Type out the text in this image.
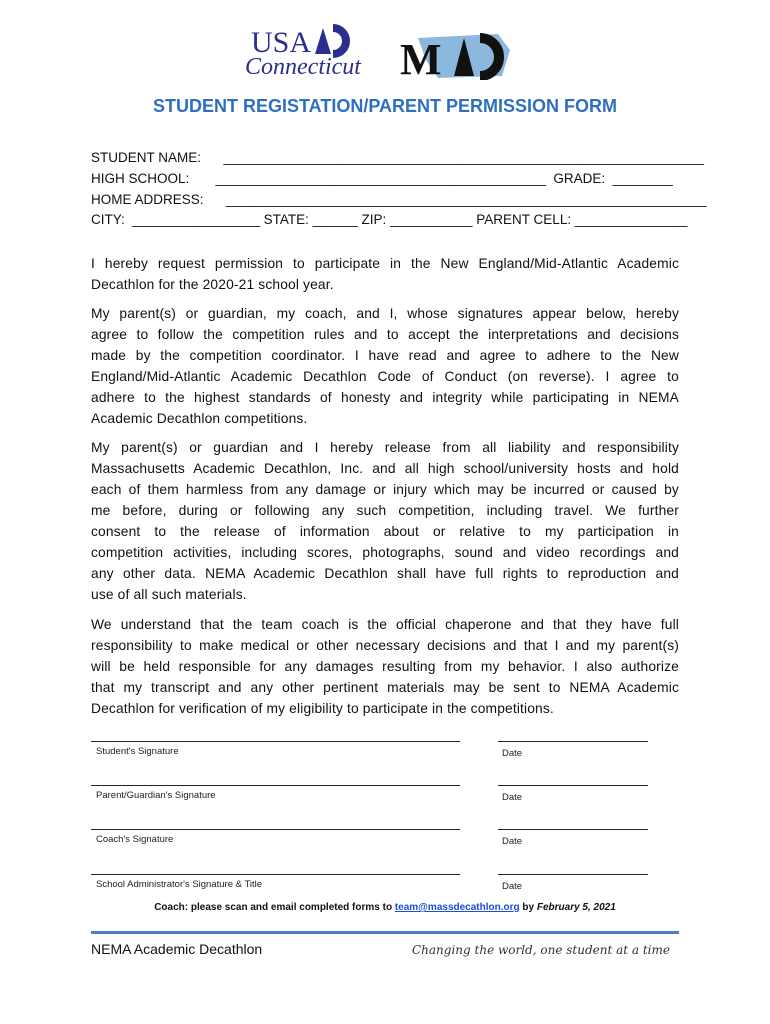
USA
Connecticut M
STUDENT REGISTATION/PARENT PERMISSION FORM
STUDENT NAME:      ________________________________________________________________
HIGH SCHOOL:       ____________________________________________  GRADE:  ________
HOME ADDRESS:      ________________________________________________________________
CITY:  _________________ STATE: ______ ZIP: ___________ PARENT CELL: _______________
I hereby request permission to participate in the New England/Mid-Atlantic Academic
Decathlon for the 2020-21 school year.
My parent(s) or guardian, my coach, and I, whose signatures appear below, hereby
agree to follow the competition rules and to accept the interpretations and decisions
made by the competition coordinator. I have read and agree to adhere to the New
England/Mid-Atlantic Academic Decathlon Code of Conduct (on reverse). I agree to
adhere to the highest standards of honesty and integrity while participating in NEMA
Academic Decathlon competitions.
My parent(s) or guardian and I hereby release from all liability and responsibility
Massachusetts Academic Decathlon, Inc. and all high school/university hosts and hold
each of them harmless from any damage or injury which may be incurred or caused by
me before, during or following any such competition, including travel. We further
consent to the release of information about or relative to my participation in
competition activities, including scores, photographs, sound and video recordings and
any other data. NEMA Academic Decathlon shall have full rights to reproduction and
use of all such materials.
We understand that the team coach is the official chaperone and that they have full
responsibility to make medical or other necessary decisions and that I and my parent(s)
will be held responsible for any damages resulting from my behavior. I also authorize
that my transcript and any other pertinent materials may be sent to NEMA Academic
Decathlon for verification of my eligibility to participate in the competitions.
Student's Signature	Date
Parent/Guardian's Signature	Date
Coach's Signature	Date
School Administrator's Signature & Title	Date
Coach: please scan and email completed forms to team@massdecathlon.org by February 5, 2021
NEMA Academic Decathlon	Changing the world, one student at a time
